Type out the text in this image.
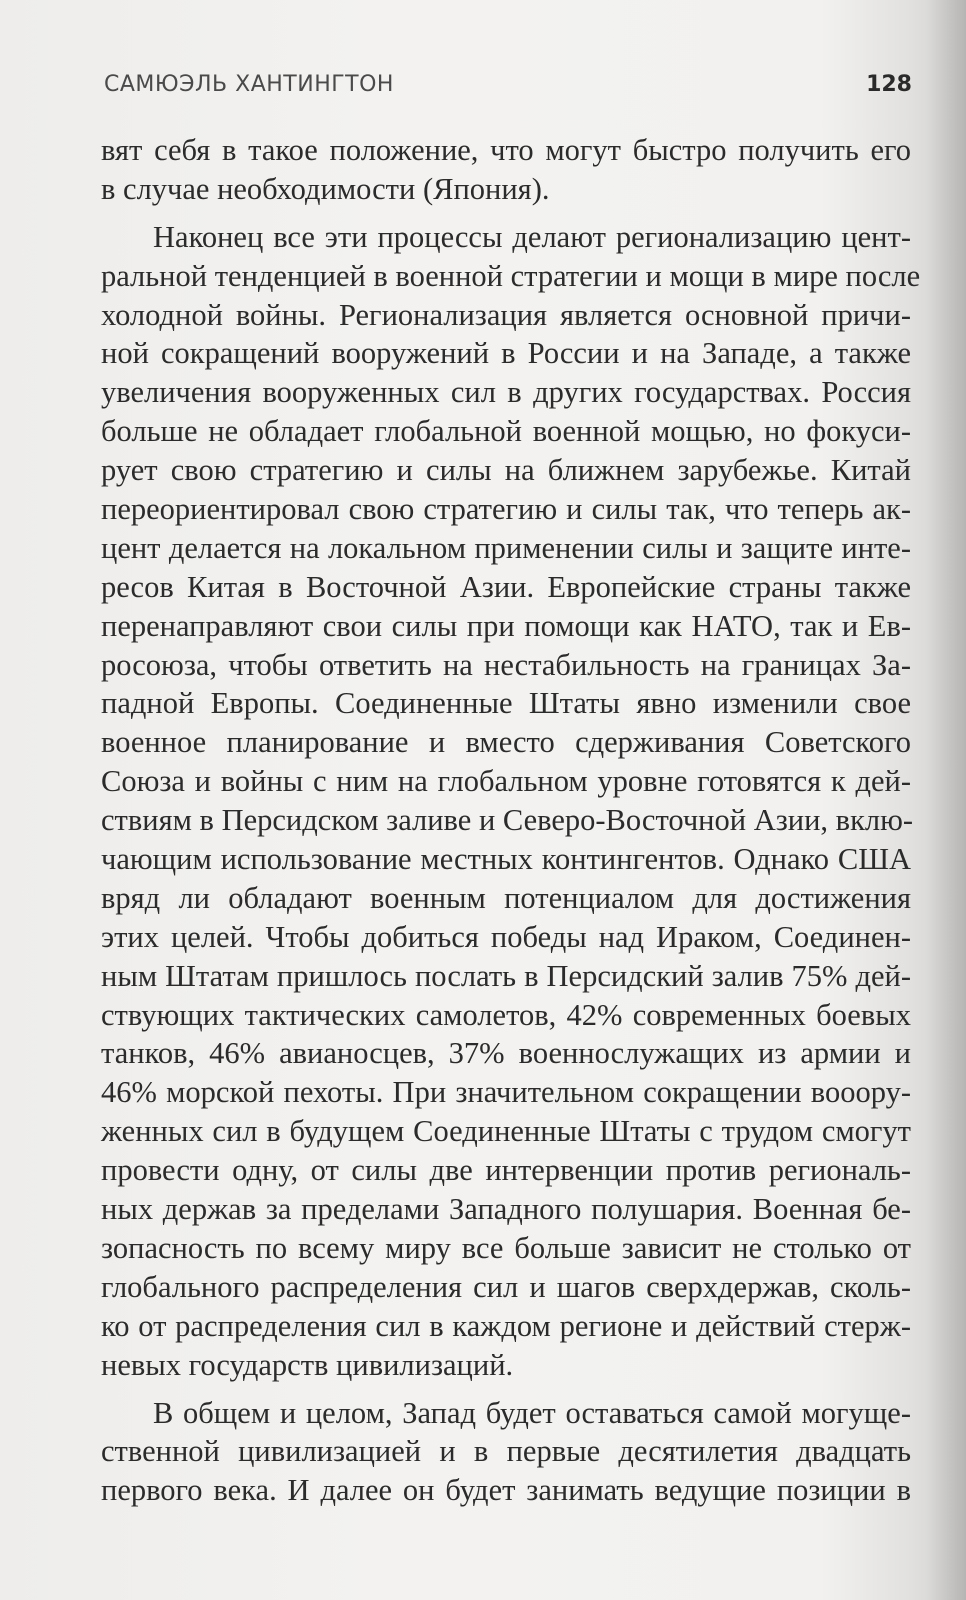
САМЮЭЛЬ ХАНТИНГТОН	128
вят себя в такое положение, что могут быстро получить его
в случае необходимости (Япония).
Наконец все эти процессы делают регионализацию цент-
ральной тенденцией в военной стратегии и мощи в мире после
холодной войны. Регионализация является основной причи-
ной сокращений вооружений в России и на Западе, а также
увеличения вооруженных сил в других государствах. Россия
больше не обладает глобальной военной мощью, но фокуси-
рует свою стратегию и силы на ближнем зарубежье. Китай
переориентировал свою стратегию и силы так, что теперь ак-
цент делается на локальном применении силы и защите инте-
ресов Китая в Восточной Азии. Европейские страны также
перенаправляют свои силы при помощи как НАТО, так и Ев-
росоюза, чтобы ответить на нестабильность на границах За-
падной Европы. Соединенные Штаты явно изменили свое
военное планирование и вместо сдерживания Советского
Союза и войны с ним на глобальном уровне готовятся к дей-
ствиям в Персидском заливе и Северо-Восточной Азии, вклю-
чающим использование местных контингентов. Однако США
вряд ли обладают военным потенциалом для достижения
этих целей. Чтобы добиться победы над Ираком, Соединен-
ным Штатам пришлось послать в Персидский залив 75% дей-
ствующих тактических самолетов, 42% современных боевых
танков, 46% авианосцев, 37% военнослужащих из армии и
46% морской пехоты. При значительном сокращении вооору-
женных сил в будущем Соединенные Штаты с трудом смогут
провести одну, от силы две интервенции против региональ-
ных держав за пределами Западного полушария. Военная бе-
зопасность по всему миру все больше зависит не столько от
глобального распределения сил и шагов сверхдержав, сколь-
ко от распределения сил в каждом регионе и действий стерж-
невых государств цивилизаций.
В общем и целом, Запад будет оставаться самой могуще-
ственной цивилизацией и в первые десятилетия двадцать
первого века. И далее он будет занимать ведущие позиции в
